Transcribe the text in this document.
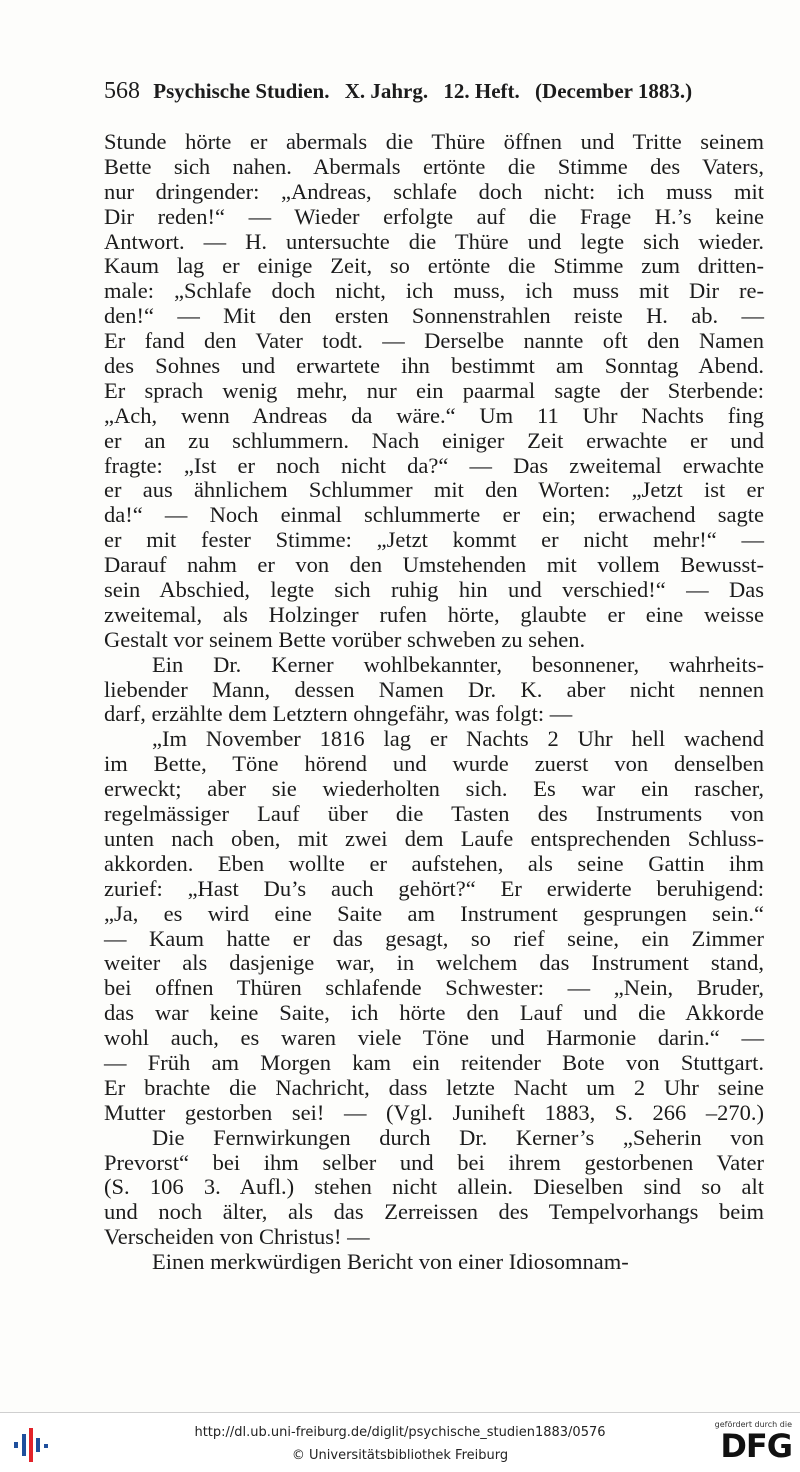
568 Psychische Studien. X. Jahrg. 12. Heft. (December 1883.)
Stunde hörte er abermals die Thüre öffnen und Tritte seinem
Bette sich nahen. Abermals ertönte die Stimme des Vaters,
nur dringender: „Andreas, schlafe doch nicht: ich muss mit
Dir reden!“ — Wieder erfolgte auf die Frage H.’s keine
Antwort. — H. untersuchte die Thüre und legte sich wieder.
Kaum lag er einige Zeit, so ertönte die Stimme zum dritten-
male: „Schlafe doch nicht, ich muss, ich muss mit Dir re-
den!“ — Mit den ersten Sonnenstrahlen reiste H. ab. —
Er fand den Vater todt. — Derselbe nannte oft den Namen
des Sohnes und erwartete ihn bestimmt am Sonntag Abend.
Er sprach wenig mehr, nur ein paarmal sagte der Sterbende:
„Ach, wenn Andreas da wäre.“ Um 11 Uhr Nachts fing
er an zu schlummern. Nach einiger Zeit erwachte er und
fragte: „Ist er noch nicht da?“ — Das zweitemal erwachte
er aus ähnlichem Schlummer mit den Worten: „Jetzt ist er
da!“ — Noch einmal schlummerte er ein; erwachend sagte
er mit fester Stimme: „Jetzt kommt er nicht mehr!“ —
Darauf nahm er von den Umstehenden mit vollem Bewusst-
sein Abschied, legte sich ruhig hin und verschied!“ — Das
zweitemal, als Holzinger rufen hörte, glaubte er eine weisse
Gestalt vor seinem Bette vorüber schweben zu sehen.
Ein Dr. Kerner wohlbekannter, besonnener, wahrheits-
liebender Mann, dessen Namen Dr. K. aber nicht nennen
darf, erzählte dem Letztern ohngefähr, was folgt: —
„Im November 1816 lag er Nachts 2 Uhr hell wachend
im Bette, Töne hörend und wurde zuerst von denselben
erweckt; aber sie wiederholten sich. Es war ein rascher,
regelmässiger Lauf über die Tasten des Instruments von
unten nach oben, mit zwei dem Laufe entsprechenden Schluss-
akkorden. Eben wollte er aufstehen, als seine Gattin ihm
zurief: „Hast Du’s auch gehört?“ Er erwiderte beruhigend:
„Ja, es wird eine Saite am Instrument gesprungen sein.“
— Kaum hatte er das gesagt, so rief seine, ein Zimmer
weiter als dasjenige war, in welchem das Instrument stand,
bei offnen Thüren schlafende Schwester: — „Nein, Bruder,
das war keine Saite, ich hörte den Lauf und die Akkorde
wohl auch, es waren viele Töne und Harmonie darin.“ —
— Früh am Morgen kam ein reitender Bote von Stuttgart.
Er brachte die Nachricht, dass letzte Nacht um 2 Uhr seine
Mutter gestorben sei! — (Vgl. Juniheft 1883, S. 266 –270.)
Die Fernwirkungen durch Dr. Kerner’s „Seherin von
Prevorst“ bei ihm selber und bei ihrem gestorbenen Vater
(S. 106 3. Aufl.) stehen nicht allein. Dieselben sind so alt
und noch älter, als das Zerreissen des Tempelvorhangs beim
Verscheiden von Christus! —
Einen merkwürdigen Bericht von einer Idiosomnam-
http://dl.ub.uni-freiburg.de/diglit/psychische_studien1883/0576
© Universitätsbibliothek Freiburg
gefördert durch die
DFG
